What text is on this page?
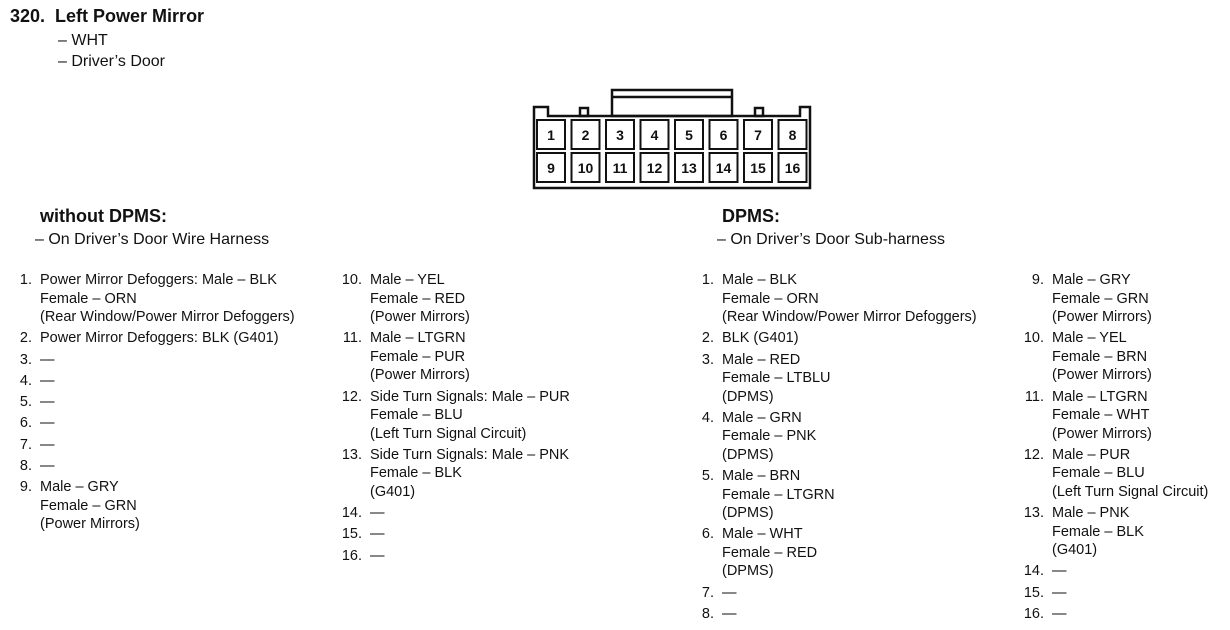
320. Left Power Mirror
– WHT
– Driver’s Door
1 2 3 4 5 6 7 8
9 10 11 12 13 14 15 16
without DPMS:
– On Driver’s Door Wire Harness
1. Power Mirror Defoggers: Male – BLK
Female – ORN
(Rear Window/Power Mirror Defoggers)
2. Power Mirror Defoggers: BLK (G401)
3. —
4. —
5. —
6. —
7. —
8. —
9. Male – GRY
Female – GRN
(Power Mirrors)
10. Male – YEL
Female – RED
(Power Mirrors)
11. Male – LTGRN
Female – PUR
(Power Mirrors)
12. Side Turn Signals: Male – PUR
Female – BLU
(Left Turn Signal Circuit)
13. Side Turn Signals: Male – PNK
Female – BLK
(G401)
14. —
15. —
16. —
DPMS:
– On Driver’s Door Sub-harness
1. Male – BLK
Female – ORN
(Rear Window/Power Mirror Defoggers)
2. BLK (G401)
3. Male – RED
Female – LTBLU
(DPMS)
4. Male – GRN
Female – PNK
(DPMS)
5. Male – BRN
Female – LTGRN
(DPMS)
6. Male – WHT
Female – RED
(DPMS)
7. —
8. —
9. Male – GRY
Female – GRN
(Power Mirrors)
10. Male – YEL
Female – BRN
(Power Mirrors)
11. Male – LTGRN
Female – WHT
(Power Mirrors)
12. Male – PUR
Female – BLU
(Left Turn Signal Circuit)
13. Male – PNK
Female – BLK
(G401)
14. —
15. —
16. —
